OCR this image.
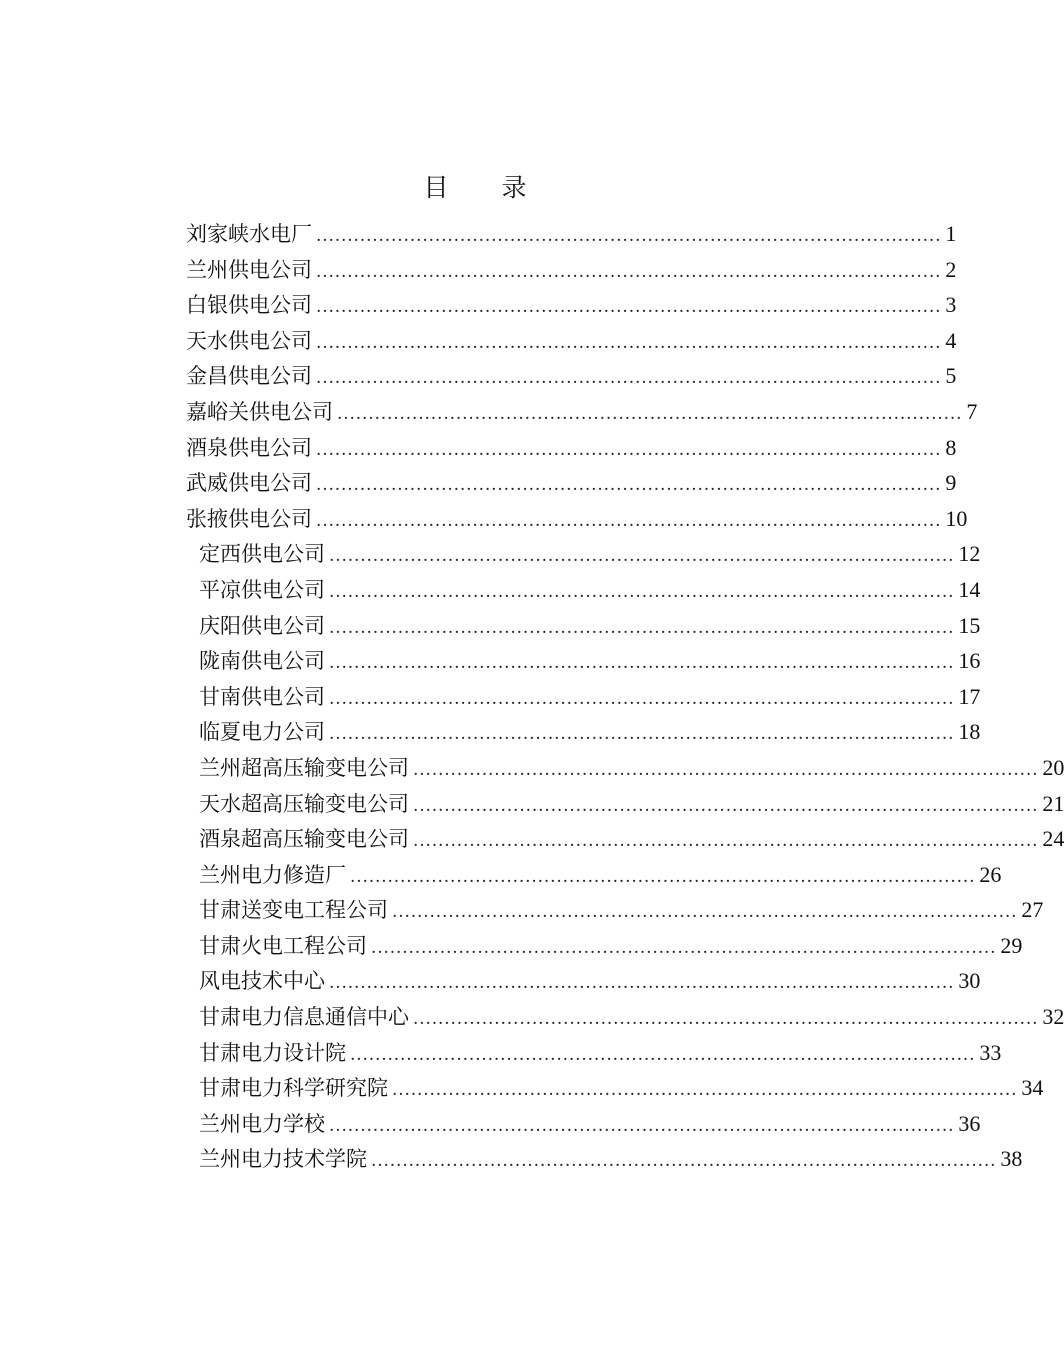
目 录
刘家峡水电厂 .................................................................................................... 1
兰州供电公司 .................................................................................................... 2
白银供电公司 .................................................................................................... 3
天水供电公司 .................................................................................................... 4
金昌供电公司 .................................................................................................... 5
嘉峪关供电公司 .................................................................................................... 7
酒泉供电公司 .................................................................................................... 8
武威供电公司 .................................................................................................... 9
张掖供电公司 .................................................................................................... 10
定西供电公司 .................................................................................................... 12
平凉供电公司 .................................................................................................... 14
庆阳供电公司 .................................................................................................... 15
陇南供电公司 .................................................................................................... 16
甘南供电公司 .................................................................................................... 17
临夏电力公司 .................................................................................................... 18
兰州超高压输变电公司 .................................................................................................... 20
天水超高压输变电公司 .................................................................................................... 21
酒泉超高压输变电公司 .................................................................................................... 24
兰州电力修造厂 .................................................................................................... 26
甘肃送变电工程公司 .................................................................................................... 27
甘肃火电工程公司 .................................................................................................... 29
风电技术中心 .................................................................................................... 30
甘肃电力信息通信中心 .................................................................................................... 32
甘肃电力设计院 .................................................................................................... 33
甘肃电力科学研究院 .................................................................................................... 34
兰州电力学校 .................................................................................................... 36
兰州电力技术学院 .................................................................................................... 38
